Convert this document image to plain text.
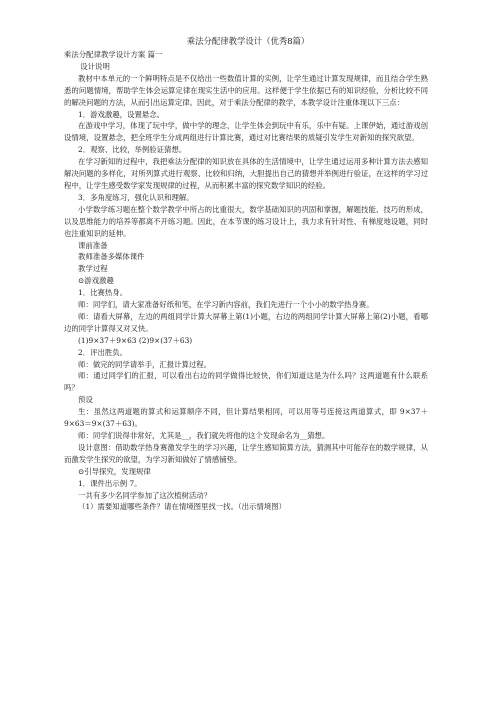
乘法分配律教学设计（优秀8篇）

乘法分配律教学设计方案 篇一

设计说明

教材中本单元的一个鲜明特点是不仅给出一些数值计算的实例，让学生通过计算发现规律，而且结合学生熟悉的问题情境，帮助学生体会运算定律在现实生活中的应用。这样便于学生依据已有的知识经验，分析比较不同的解决问题的方法，从而引出运算定律。因此，对于乘法分配律的教学，本教学设计注重体现以下三点：

1．游戏激趣，设置悬念。

在游戏中学习，体现了玩中学，做中学的理念，让学生体会到玩中有乐，乐中有疑。上课伊始，通过游戏创设情境，设置悬念，把全班学生分成两组进行计算比赛，通过对比赛结果的质疑引发学生对新知的探究欲望。

2．观察、比较，举例验证猜想。

在学习新知的过程中，我把乘法分配律的知识放在具体的生活情境中，让学生通过运用多种计算方法去感知解决问题的多样化，对所列算式进行观察、比较和归纳，大胆提出自己的猜想并举例进行验证，在这样的学习过程中，让学生感受数学家发现规律的过程，从而积累丰富的探究数学知识的经验。

3．多角度练习，强化认识和理解。

小学数学练习题在整个数学教学中所占的比重很大，数学基础知识的巩固和掌握，解题技能、技巧的形成，以及思维能力的培养等都离不开练习题。因此，在本节课的练习设计上，我力求有针对性、有梯度地设题，同时也注重知识的延伸。

课前准备

教师准备多媒体课件

教学过程

⊙游戏激趣

1．比赛热身。

师：同学们，请大家准备好纸和笔，在学习新内容前，我们先进行一个小小的数学热身赛。

师：请看大屏幕，左边的两组同学计算大屏幕上第(1)小题，右边的两组同学计算大屏幕上第(2)小题，看哪边的同学计算得又对又快。

(1)9×37＋9×63 (2)9×(37＋63)

2．评出胜负。

师：做完的同学请举手，汇报计算过程。

师：通过同学们的汇报，可以看出右边的同学做得比较快，你们知道这是为什么吗？这两道题有什么联系吗？

预设

生：虽然这两道题的算式和运算顺序不同，但计算结果相同，可以用等号连接这两道算式，即 9×37＋9×63＝9×(37＋63)。

师：同学们说得非常好，尤其是__，我们就先将他的这个发现命名为__猜想。

设计意图：借助数学热身赛激发学生的学习兴趣，让学生感知简算方法，猜测其中可能存在的数学规律，从而激发学生探究的欲望，为学习新知做好了情感铺垫。

⊙引导探究，发现规律

1．课件出示例 7。

一共有多少名同学参加了这次植树活动？

（1）需要知道哪些条件？请在情境图里找一找。（出示情境图）
